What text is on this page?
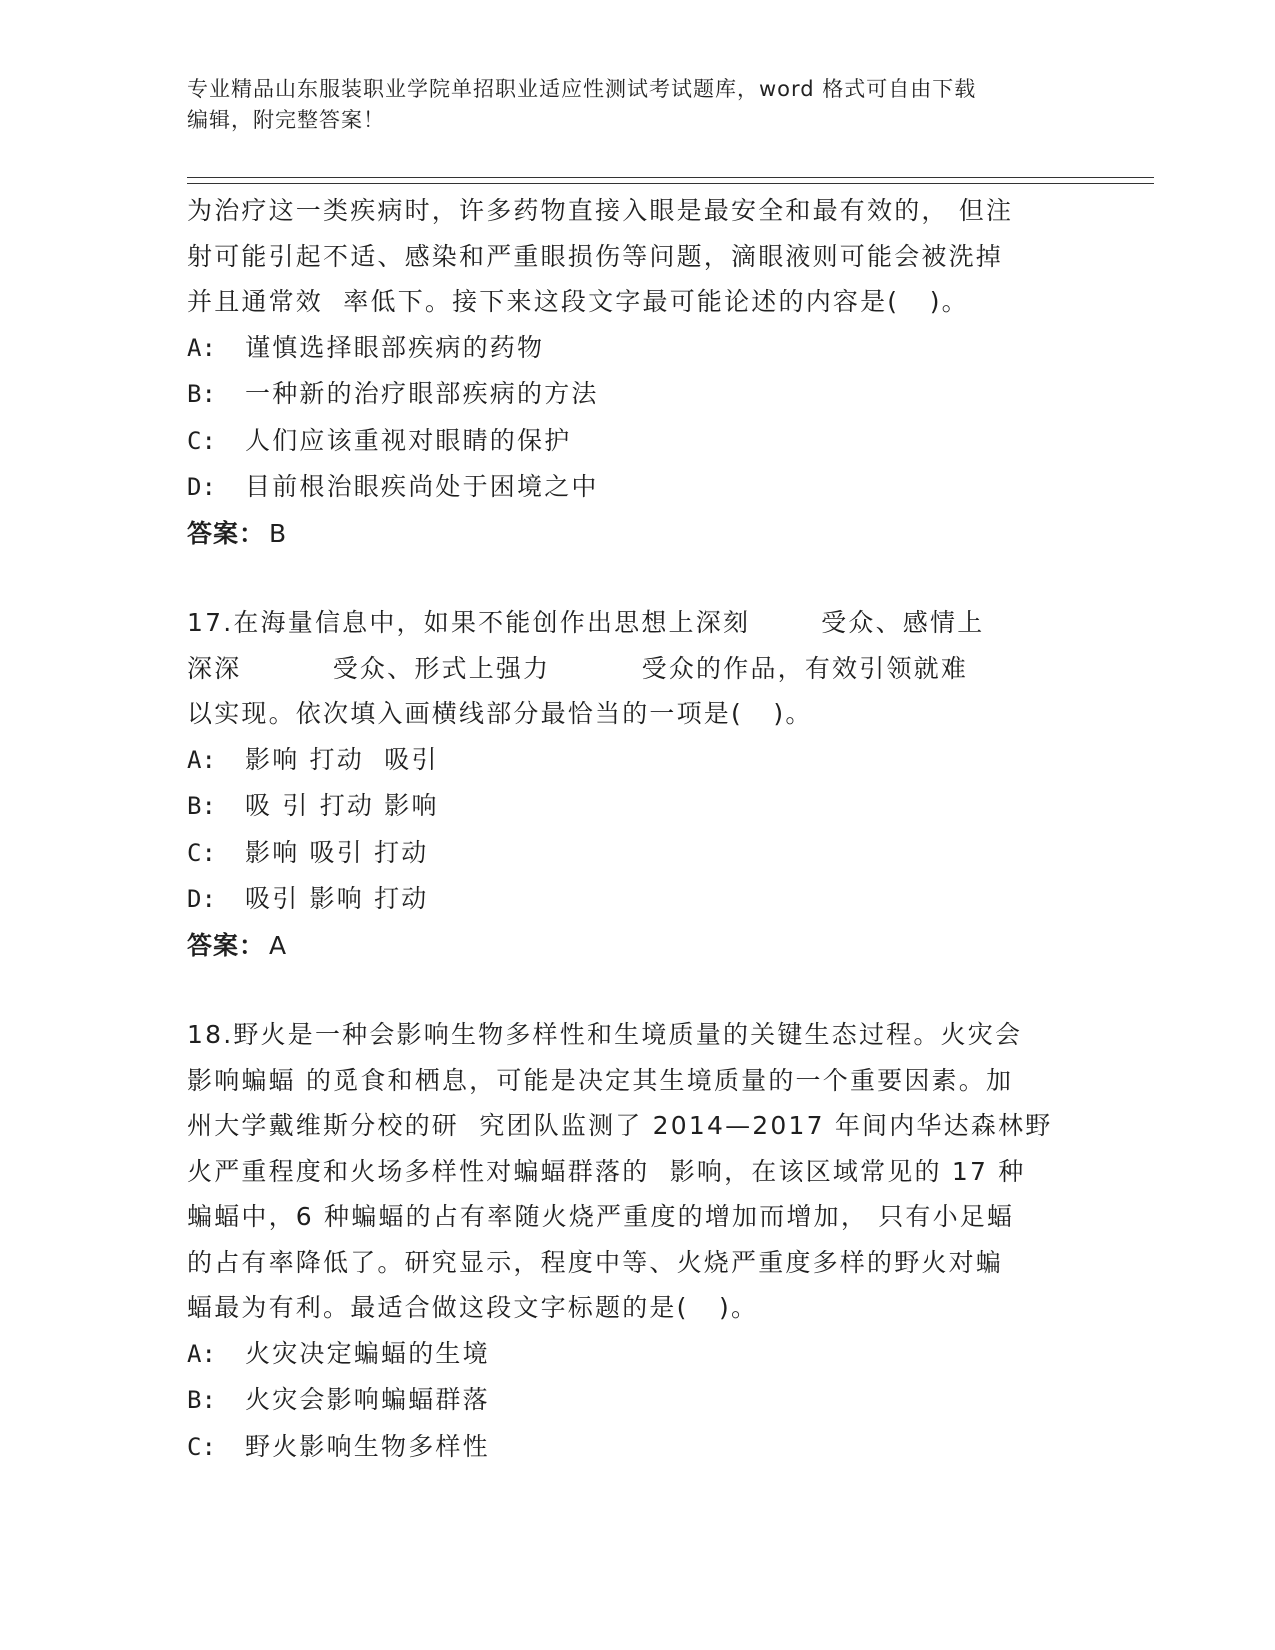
专业精品山东服装职业学院单招职业适应性测试考试题库，word 格式可自由下载
编辑，附完整答案！
为治疗这一类疾病时，许多药物直接入眼是最安全和最有效的， 但注
射可能引起不适、感染和严重眼损伤等问题，滴眼液则可能会被洗掉
并且通常效  率低下。接下来这段文字最可能论述的内容是(   )。
A: 谨慎选择眼部疾病的药物
B: 一种新的治疗眼部疾病的方法
C: 人们应该重视对眼睛的保护
D: 目前根治眼疾尚处于困境之中
答案： B
17.在海量信息中，如果不能创作出思想上深刻       受众、感情上
深深         受众、形式上强力         受众的作品，有效引领就难
以实现。依次填入画横线部分最恰当的一项是(   )。
A: 影响 打动  吸引
B: 吸 引 打动 影响
C: 影响 吸引 打动
D: 吸引 影响 打动
答案： A
18.野火是一种会影响生物多样性和生境质量的关键生态过程。火灾会
影响蝙蝠 的觅食和栖息，可能是决定其生境质量的一个重要因素。加
州大学戴维斯分校的研  究团队监测了 2014—2017 年间内华达森林野
火严重程度和火场多样性对蝙蝠群落的  影响，在该区域常见的 17 种
蝙蝠中，6 种蝙蝠的占有率随火烧严重度的增加而增加， 只有小足蝠
的占有率降低了。研究显示，程度中等、火烧严重度多样的野火对蝙
蝠最为有利。最适合做这段文字标题的是(   )。
A: 火灾决定蝙蝠的生境
B: 火灾会影响蝙蝠群落
C: 野火影响生物多样性
